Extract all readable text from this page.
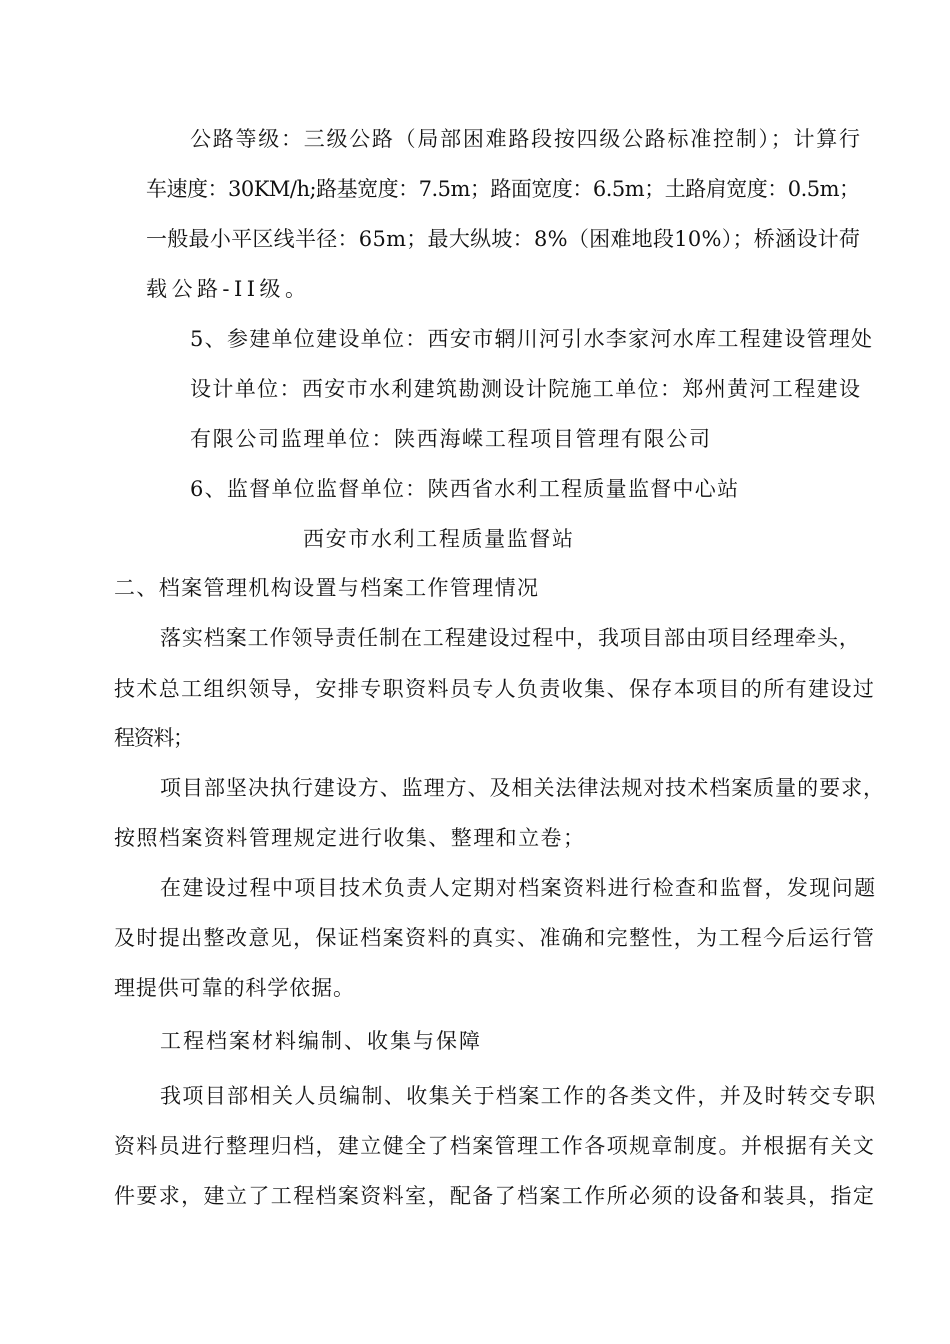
公路等级：三级公路（局部困难路段按四级公路标准控制）；计算行
车速度：30KM/h;路基宽度：7.5m；路面宽度：6.5m；土路肩宽度：0.5m；
一般最小平区线半径：65m；最大纵坡：8%（困难地段10%）；桥涵设计荷
载公路-II级。
5、参建单位建设单位：西安市辋川河引水李家河水库工程建设管理处
设计单位：西安市水利建筑勘测设计院施工单位：郑州黄河工程建设
有限公司监理单位：陕西海嵘工程项目管理有限公司
6、监督单位监督单位：陕西省水利工程质量监督中心站
西安市水利工程质量监督站
二、档案管理机构设置与档案工作管理情况
落实档案工作领导责任制在工程建设过程中，我项目部由项目经理牵头，
技术总工组织领导，安排专职资料员专人负责收集、保存本项目的所有建设过
程资料；
项目部坚决执行建设方、监理方、及相关法律法规对技术档案质量的要求，
按照档案资料管理规定进行收集、整理和立卷；
在建设过程中项目技术负责人定期对档案资料进行检查和监督，发现问题
及时提出整改意见，保证档案资料的真实、准确和完整性，为工程今后运行管
理提供可靠的科学依据。
工程档案材料编制、收集与保障
我项目部相关人员编制、收集关于档案工作的各类文件，并及时转交专职
资料员进行整理归档，建立健全了档案管理工作各项规章制度。并根据有关文
件要求，建立了工程档案资料室，配备了档案工作所必须的设备和装具，指定
